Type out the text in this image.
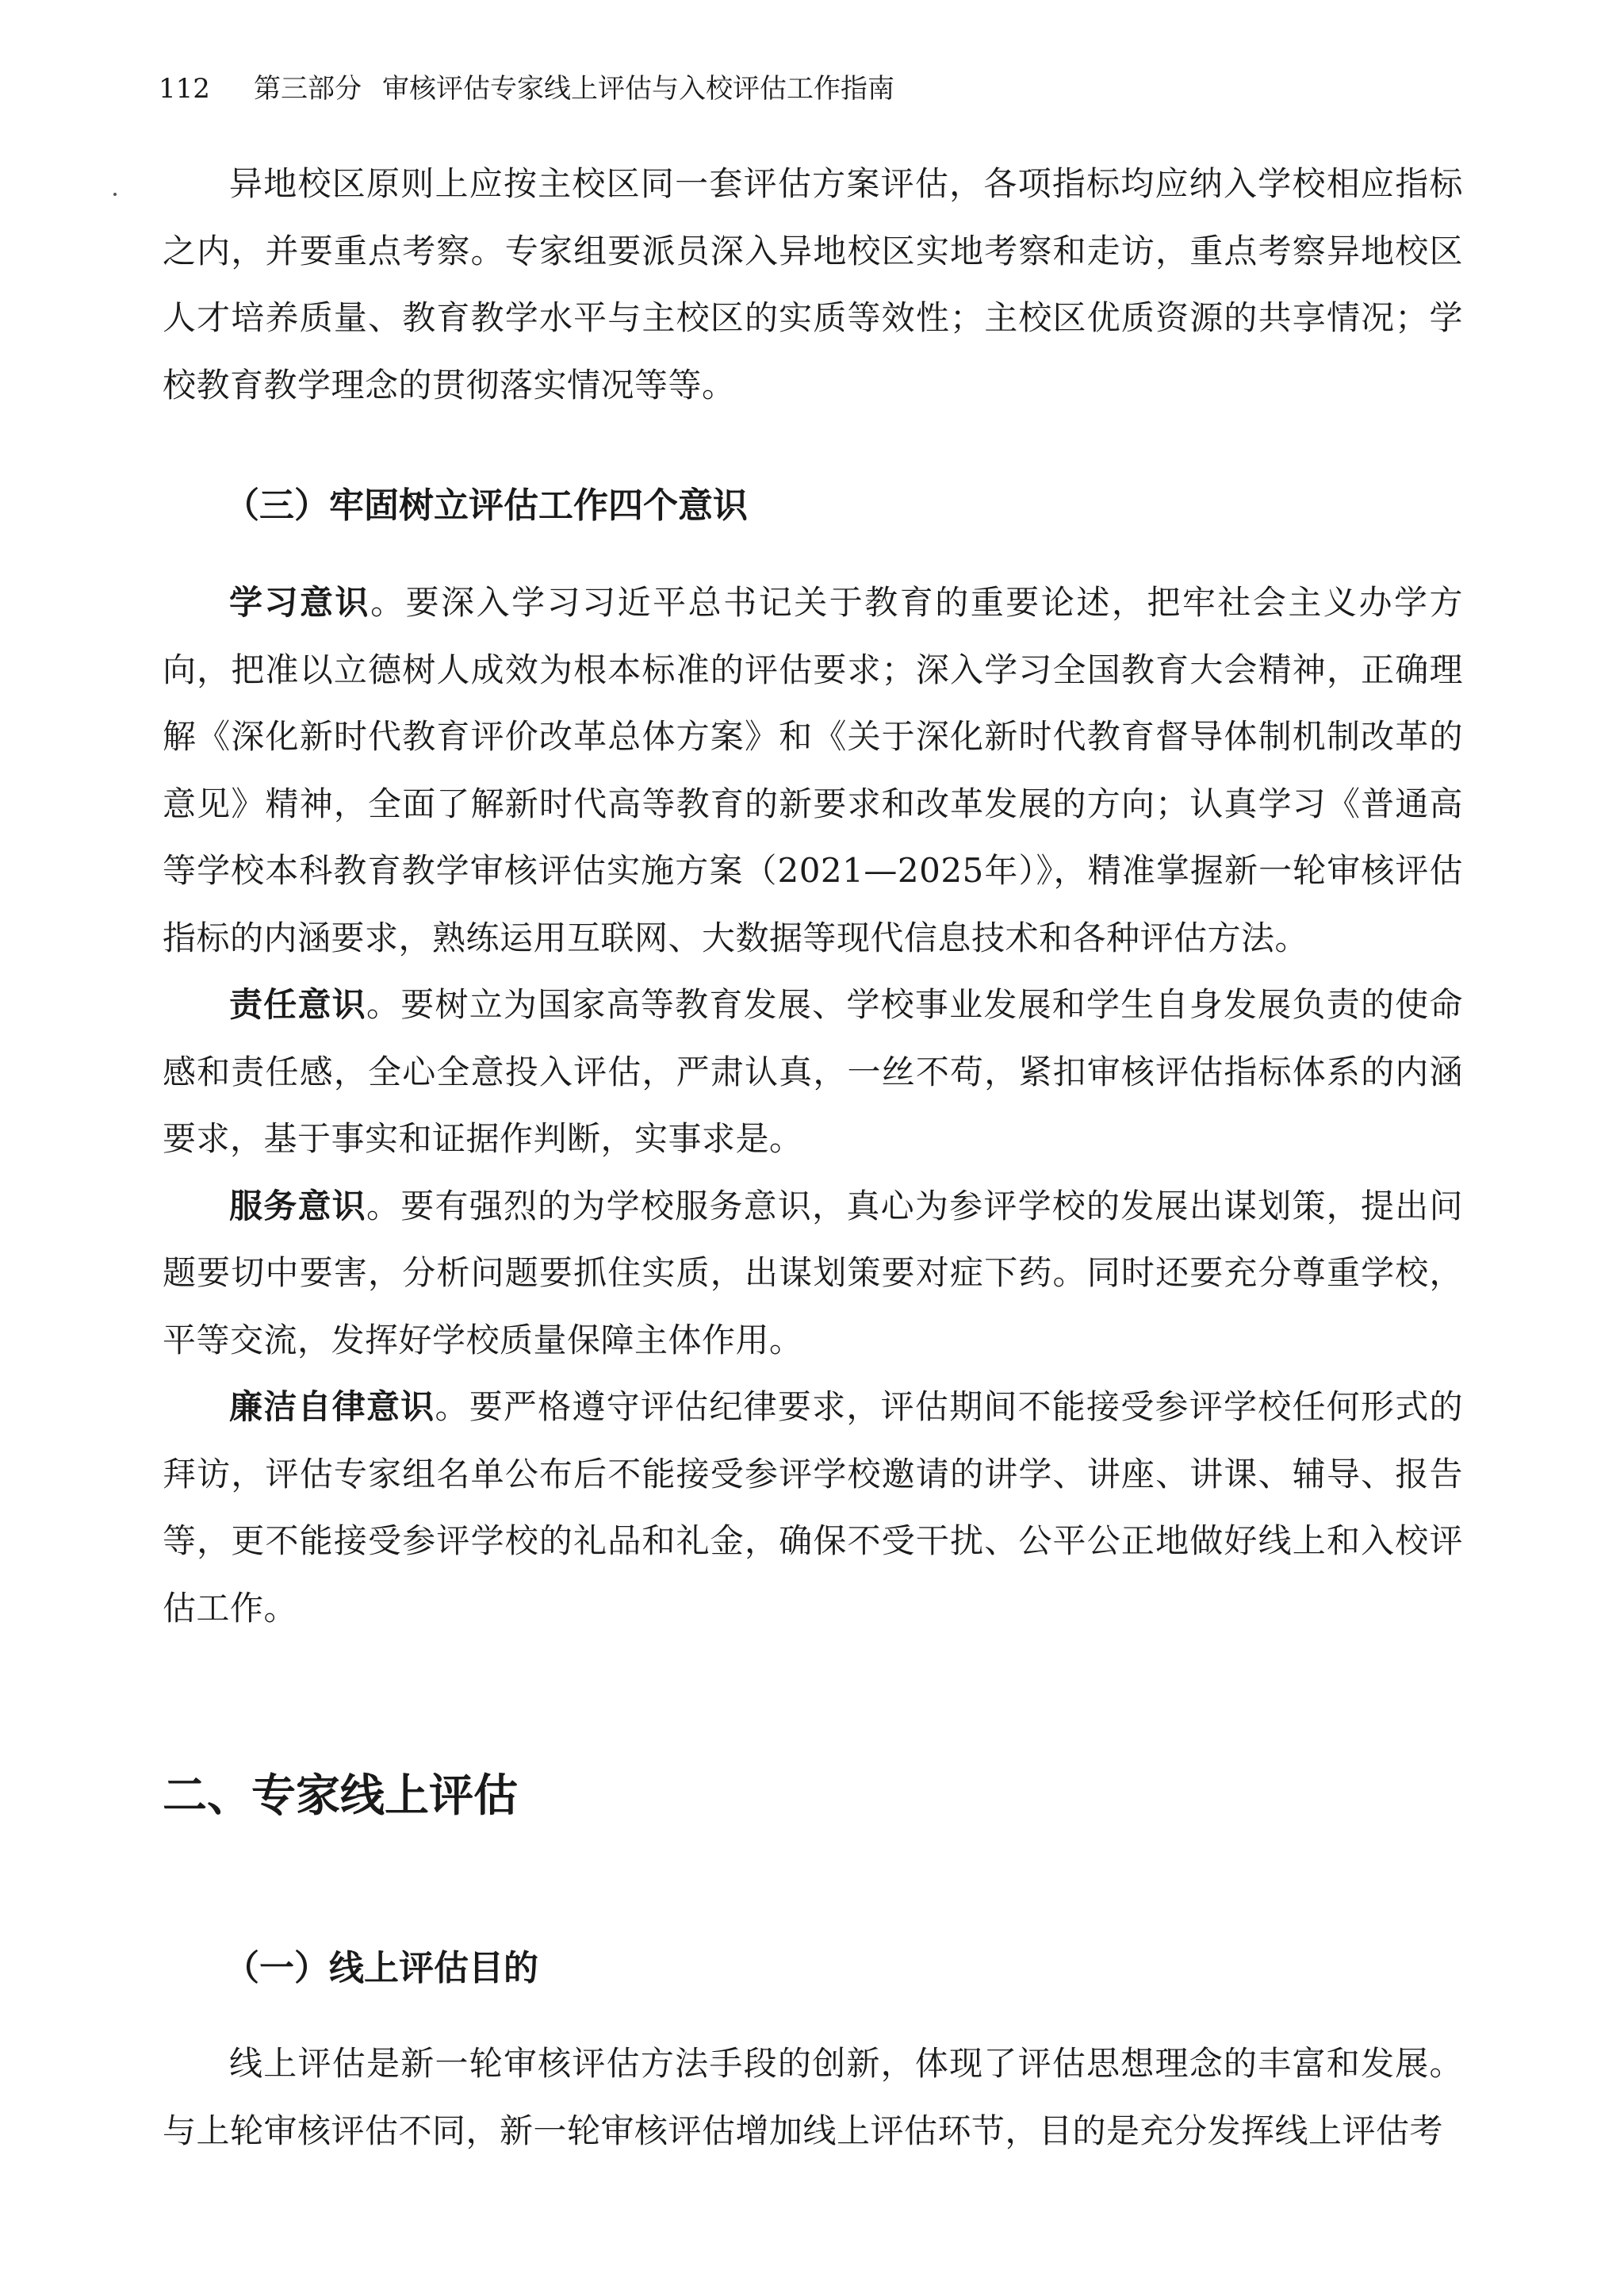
112 第三部分 审核评估专家线上评估与入校评估工作指南

异地校区原则上应按主校区同一套评估方案评估，各项指标均应纳入学校相应指标之内，并要重点考察。专家组要派员深入异地校区实地考察和走访，重点考察异地校区人才培养质量、教育教学水平与主校区的实质等效性；主校区优质资源的共享情况；学校教育教学理念的贯彻落实情况等等。

（三）牢固树立评估工作四个意识

学习意识。要深入学习习近平总书记关于教育的重要论述，把牢社会主义办学方向，把准以立德树人成效为根本标准的评估要求；深入学习全国教育大会精神，正确理解《深化新时代教育评价改革总体方案》和《关于深化新时代教育督导体制机制改革的意见》精神，全面了解新时代高等教育的新要求和改革发展的方向；认真学习《普通高等学校本科教育教学审核评估实施方案（2021—2025年）》，精准掌握新一轮审核评估指标的内涵要求，熟练运用互联网、大数据等现代信息技术和各种评估方法。

责任意识。要树立为国家高等教育发展、学校事业发展和学生自身发展负责的使命感和责任感，全心全意投入评估，严肃认真，一丝不苟，紧扣审核评估指标体系的内涵要求，基于事实和证据作判断，实事求是。

服务意识。要有强烈的为学校服务意识，真心为参评学校的发展出谋划策，提出问题要切中要害，分析问题要抓住实质，出谋划策要对症下药。同时还要充分尊重学校，平等交流，发挥好学校质量保障主体作用。

廉洁自律意识。要严格遵守评估纪律要求，评估期间不能接受参评学校任何形式的拜访，评估专家组名单公布后不能接受参评学校邀请的讲学、讲座、讲课、辅导、报告等，更不能接受参评学校的礼品和礼金，确保不受干扰、公平公正地做好线上和入校评估工作。

二、专家线上评估
（一）线上评估目的

线上评估是新一轮审核评估方法手段的创新，体现了评估思想理念的丰富和发展。与上轮审核评估不同，新一轮审核评估增加线上评估环节，目的是充分发挥线上评估考
